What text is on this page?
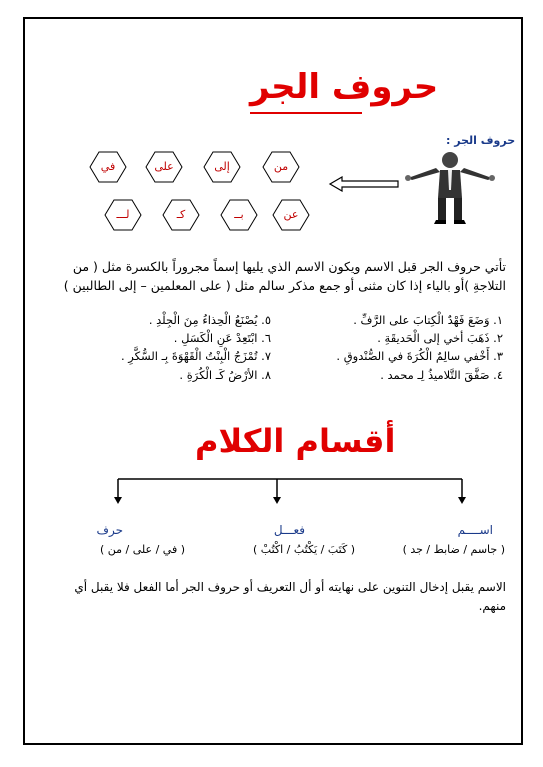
حروف الجر
حروف الجر :
في	على	إلى	من
لـــ	كـ	بــ	عن
تأتي حروف الجر قبل الاسم ويكون الاسم الذي يليها إسماً مجروراً بالكسرة مثل ( من التلاجةِ )أو بالياء إذا كان مثنى أو جمع مذكر سالم مثل ( على المعلمين – إلى الطالبين )
١. وَضَعَ فَهْدٌ الْكِتابَ على الرَّفِّ .
٢. ذَهَبَ أخي إلى الْحَديقَةِ .
٣. أَخْفي سالِمٌ الْكُرَةَ في الصُّنْدوقِ .
٤. صَفَّقَ التَّلاميذُ لِـ محمد .
٥. يُصْنَعُ الْحِذاءُ مِنَ الْجِلْدِ .
٦. ابْتَعِدْ عَنِ الْكَسَلِ .
٧. تُمْزَجُ الْبِنْتُ الْقَهْوَةَ بِـ السُّكَّرِ .
٨. الأرْضُ كَـ الْكُرَةِ .
أقسام الكلام
اســــم
( جاسم / ضابط / جد )
فعـــل
( كَتَبَ / يَكْتُبُ / اكْتُبْ )
حرف
( في / على / من )
الاسم يقبل إدخال التنوين على نهايته أو أل التعريف أو حروف الجر أما الفعل فلا يقبل أي منهم.
